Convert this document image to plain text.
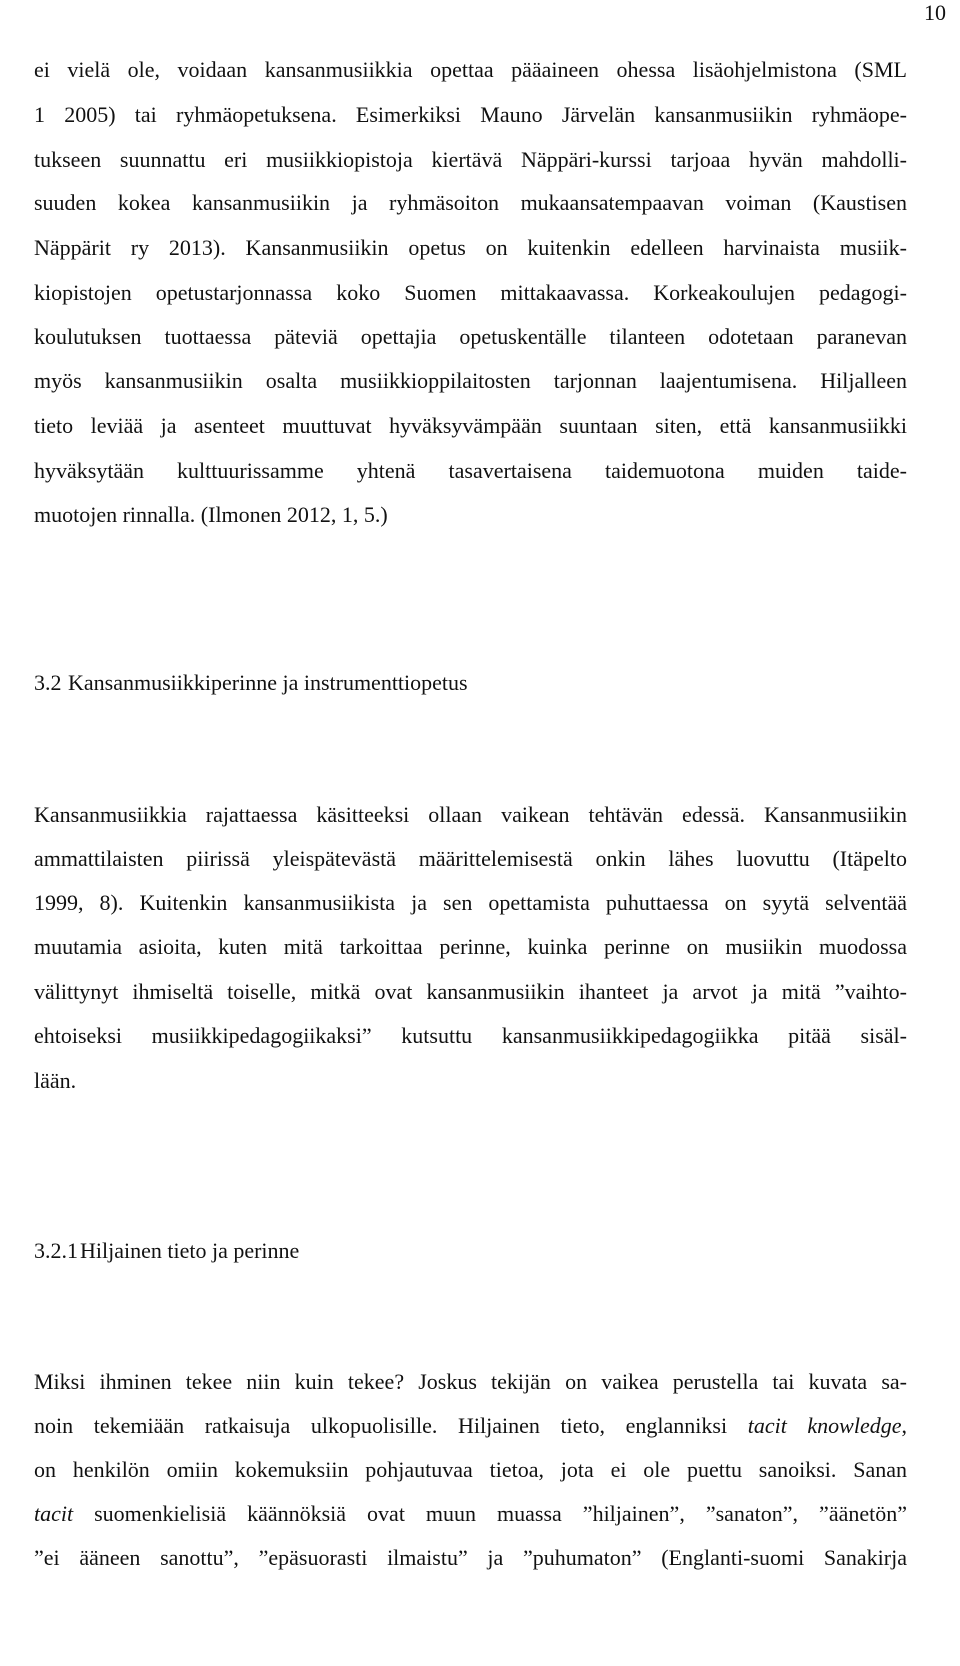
10
ei vielä ole, voidaan kansanmusiikkia opettaa pääaineen ohessa lisäohjelmistona (SML
1 2005) tai ryhmäopetuksena. Esimerkiksi Mauno Järvelän kansanmusiikin ryhmäope-
tukseen suunnattu eri musiikkiopistoja kiertävä Näppäri-kurssi tarjoaa hyvän mahdolli-
suuden kokea kansanmusiikin ja ryhmäsoiton mukaansatempaavan voiman (Kaustisen
Näppärit ry 2013). Kansanmusiikin opetus on kuitenkin edelleen harvinaista musiik-
kiopistojen opetustarjonnassa koko Suomen mittakaavassa. Korkeakoulujen pedagogi-
koulutuksen tuottaessa päteviä opettajia opetuskentälle tilanteen odotetaan paranevan
myös kansanmusiikin osalta musiikkioppilaitosten tarjonnan laajentumisena. Hiljalleen
tieto leviää ja asenteet muuttuvat hyväksyvämpään suuntaan siten, että kansanmusiikki
hyväksytään kulttuurissamme yhtenä tasavertaisena taidemuotona muiden taide-
muotojen rinnalla. (Ilmonen 2012, 1, 5.)
3.2 Kansanmusiikkiperinne ja instrumenttiopetus
Kansanmusiikkia rajattaessa käsitteeksi ollaan vaikean tehtävän edessä. Kansanmusiikin
ammattilaisten piirissä yleispätevästä määrittelemisestä onkin lähes luovuttu (Itäpelto
1999, 8). Kuitenkin kansanmusiikista ja sen opettamista puhuttaessa on syytä selventää
muutamia asioita, kuten mitä tarkoittaa perinne, kuinka perinne on musiikin muodossa
välittynyt ihmiseltä toiselle, mitkä ovat kansanmusiikin ihanteet ja arvot ja mitä ”vaihto-
ehtoiseksi musiikkipedagogiikaksi” kutsuttu kansanmusiikkipedagogiikka pitää sisäl-
lään.
3.2.1 Hiljainen tieto ja perinne
Miksi ihminen tekee niin kuin tekee? Joskus tekijän on vaikea perustella tai kuvata sa-
noin tekemiään ratkaisuja ulkopuolisille. Hiljainen tieto, englanniksi tacit knowledge,
on henkilön omiin kokemuksiin pohjautuvaa tietoa, jota ei ole puettu sanoiksi. Sanan
tacit suomenkielisiä käännöksiä ovat muun muassa ”hiljainen”, ”sanaton”, ”äänetön”
”ei ääneen sanottu”, ”epäsuorasti ilmaistu” ja ”puhumaton” (Englanti-suomi Sanakirja
